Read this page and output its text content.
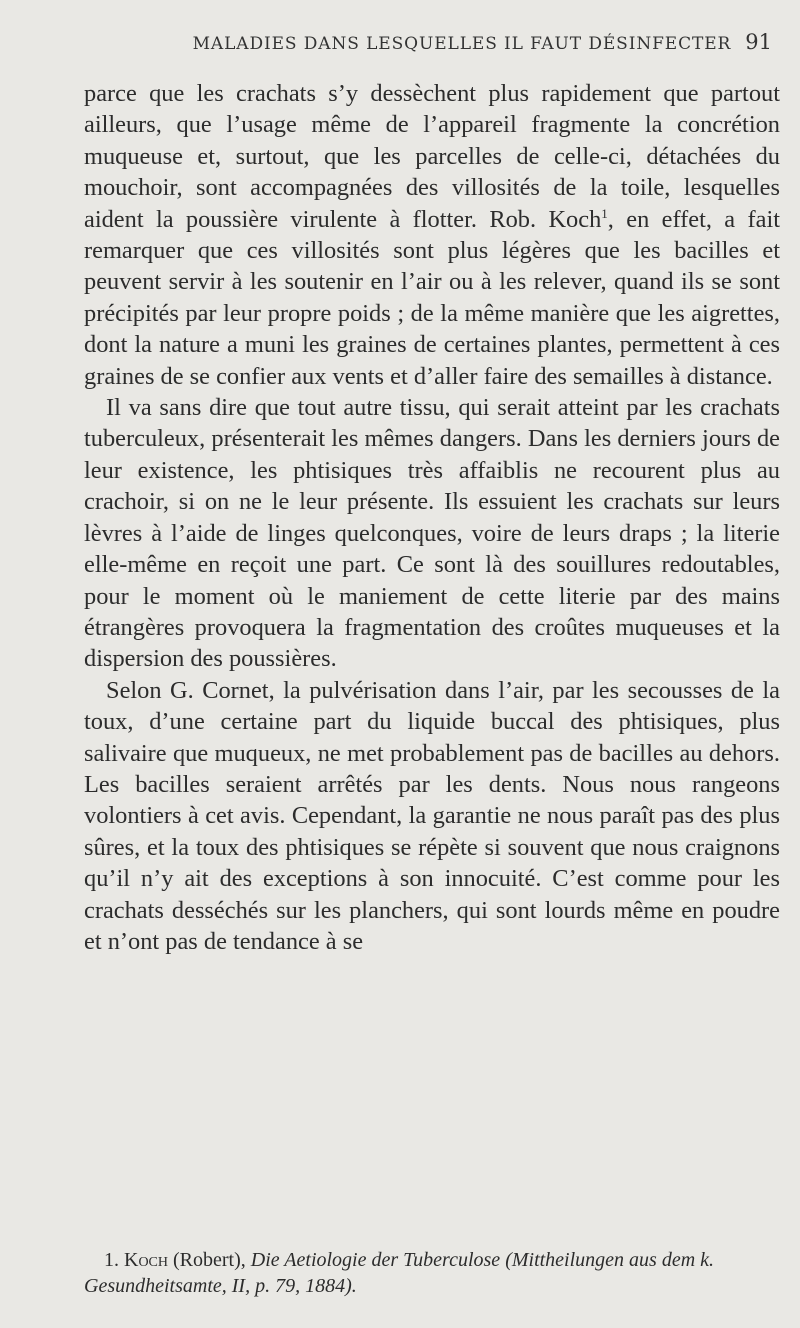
MALADIES DANS LESQUELLES IL FAUT DÉSINFECTER 91

parce que les crachats s’y dessèchent plus rapidement que partout ailleurs, que l’usage même de l’appareil fragmente la concrétion muqueuse et, surtout, que les parcelles de celle-ci, détachées du mouchoir, sont accompagnées des villosités de la toile, lesquelles aident la poussière virulente à flotter. Rob. Koch$^1$, en effet, a fait remarquer que ces villosités sont plus légères que les bacilles et peuvent servir à les soutenir en l’air ou à les relever, quand ils se sont précipités par leur propre poids ; de la même manière que les aigrettes, dont la nature a muni les graines de certaines plantes, permettent à ces graines de se confier aux vents et d’aller faire des semailles à distance.

Il va sans dire que tout autre tissu, qui serait atteint par les crachats tuberculeux, présenterait les mêmes dangers. Dans les derniers jours de leur existence, les phtisiques très affaiblis ne recourent plus au crachoir, si on ne le leur présente. Ils essuient les crachats sur leurs lèvres à l’aide de linges quelconques, voire de leurs draps ; la literie elle-même en reçoit une part. Ce sont là des souillures redoutables, pour le moment où le maniement de cette literie par des mains étrangères provoquera la fragmentation des croûtes muqueuses et la dispersion des poussières.

Selon G. Cornet, la pulvérisation dans l’air, par les secousses de la toux, d’une certaine part du liquide buccal des phtisiques, plus salivaire que muqueux, ne met probablement pas de bacilles au dehors. Les bacilles seraient arrêtés par les dents. Nous nous rangeons volontiers à cet avis. Cependant, la garantie ne nous paraît pas des plus sûres, et la toux des phtisiques se répète si souvent que nous craignons qu’il n’y ait des exceptions à son innocuité. C’est comme pour les crachats desséchés sur les planchers, qui sont lourds même en poudre et n’ont pas de tendance à se

1. Koch (Robert), Die Aetiologie der Tuberculose (Mittheilungen aus dem k. Gesundheitsamte, II, p. 79, 1884).
